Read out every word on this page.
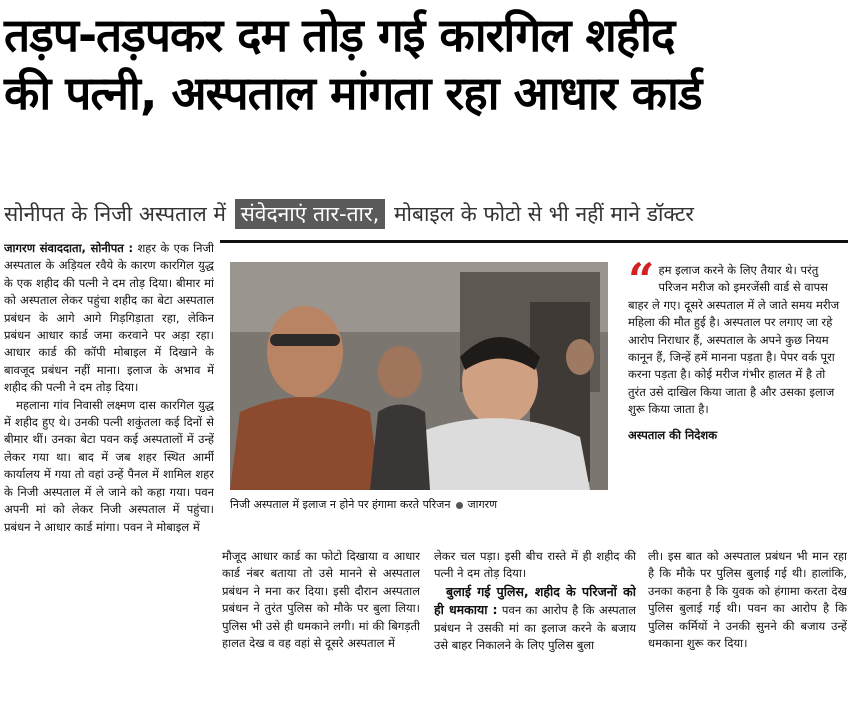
तड़प-तड़पकर दम तोड़ गई कारगिल शहीद
की पत्नी, अस्पताल मांगता रहा आधार कार्ड
सोनीपत के निजी अस्पताल में संवेदनाएं तार-तार, मोबाइल के फोटो से भी नहीं माने डॉक्टर

जागरण संवाददाता, सोनीपत : शहर के एक निजी अस्पताल के अड़ियल रवैये के कारण कारगिल युद्ध के एक शहीद की पत्नी ने दम तोड़ दिया। बीमार मां को अस्पताल लेकर पहुंचा शहीद का बेटा अस्पताल प्रबंधन के आगे आगे गिड़गिड़ाता रहा, लेकिन प्रबंधन आधार कार्ड जमा करवाने पर अड़ा रहा। आधार कार्ड की कॉपी मोबाइल में दिखाने के बावजूद प्रबंधन नहीं माना। इलाज के अभाव में शहीद की पत्नी ने दम तोड़ दिया।

महलाना गांव निवासी लक्ष्मण दास कारगिल युद्ध में शहीद हुए थे। उनकी पत्नी शकुंतला कई दिनों से बीमार थीं। उनका बेटा पवन कई अस्पतालों में उन्हें लेकर गया था। बाद में जब शहर स्थित आर्मी कार्यालय में गया तो वहां उन्हें पैनल में शामिल शहर के निजी अस्पताल में ले जाने को कहा गया। पवन अपनी मां को लेकर निजी अस्पताल में पहुंचा। प्रबंधन ने आधार कार्ड मांगा। पवन ने मोबाइल में

निजी अस्पताल में इलाज न होने पर हंगामा करते परिजन जागरण
“ हम इलाज करने के लिए तैयार थे। परंतु परिजन मरीज को इमरजेंसी वार्ड से वापस बाहर ले गए। दूसरे अस्पताल में ले जाते समय मरीज महिला की मौत हुई है। अस्पताल पर लगाए जा रहे आरोप निराधार हैं, अस्पताल के अपने कुछ नियम कानून हैं, जिन्हें हमें मानना पड़ता है। पेपर वर्क पूरा करना पड़ता है। कोई मरीज गंभीर हालत में है तो तुरंत उसे दाखिल किया जाता है और उसका इलाज शुरू किया जाता है।

अस्पताल की निदेशक

मौजूद आधार कार्ड का फोटो दिखाया व आधार कार्ड नंबर बताया तो उसे मानने से अस्पताल प्रबंधन ने मना कर दिया। इसी दौरान अस्पताल प्रबंधन ने तुरंत पुलिस को मौके पर बुला लिया। पुलिस भी उसे ही धमकाने लगी। मां की बिगड़ती हालत देख व वह वहां से दूसरे अस्पताल में

लेकर चल पड़ा। इसी बीच रास्ते में ही शहीद की पत्नी ने दम तोड़ दिया।

बुलाई गई पुलिस, शहीद के परिजनों को ही धमकाया : पवन का आरोप है कि अस्पताल प्रबंधन ने उसकी मां का इलाज करने के बजाय उसे बाहर निकालने के लिए पुलिस बुला

ली। इस बात को अस्पताल प्रबंधन भी मान रहा है कि मौके पर पुलिस बुलाई गई थी। हालांकि, उनका कहना है कि युवक को हंगामा करता देख पुलिस बुलाई गई थी। पवन का आरोप है कि पुलिस कर्मियों ने उनकी सुनने की बजाय उन्हें धमकाना शुरू कर दिया।
